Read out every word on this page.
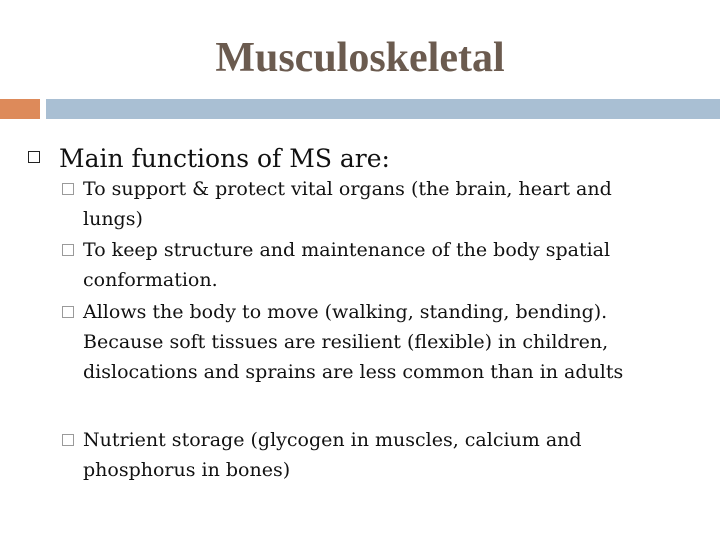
Musculoskeletal
Main functions of MS are:
To support & protect vital organs (the brain, heart and
lungs)
To keep structure and maintenance of the body spatial
conformation.
Allows the body to move (walking, standing, bending).
Because soft tissues are resilient (flexible) in children,
dislocations and sprains are less common than in adults
Nutrient storage (glycogen in muscles, calcium and
phosphorus in bones)
